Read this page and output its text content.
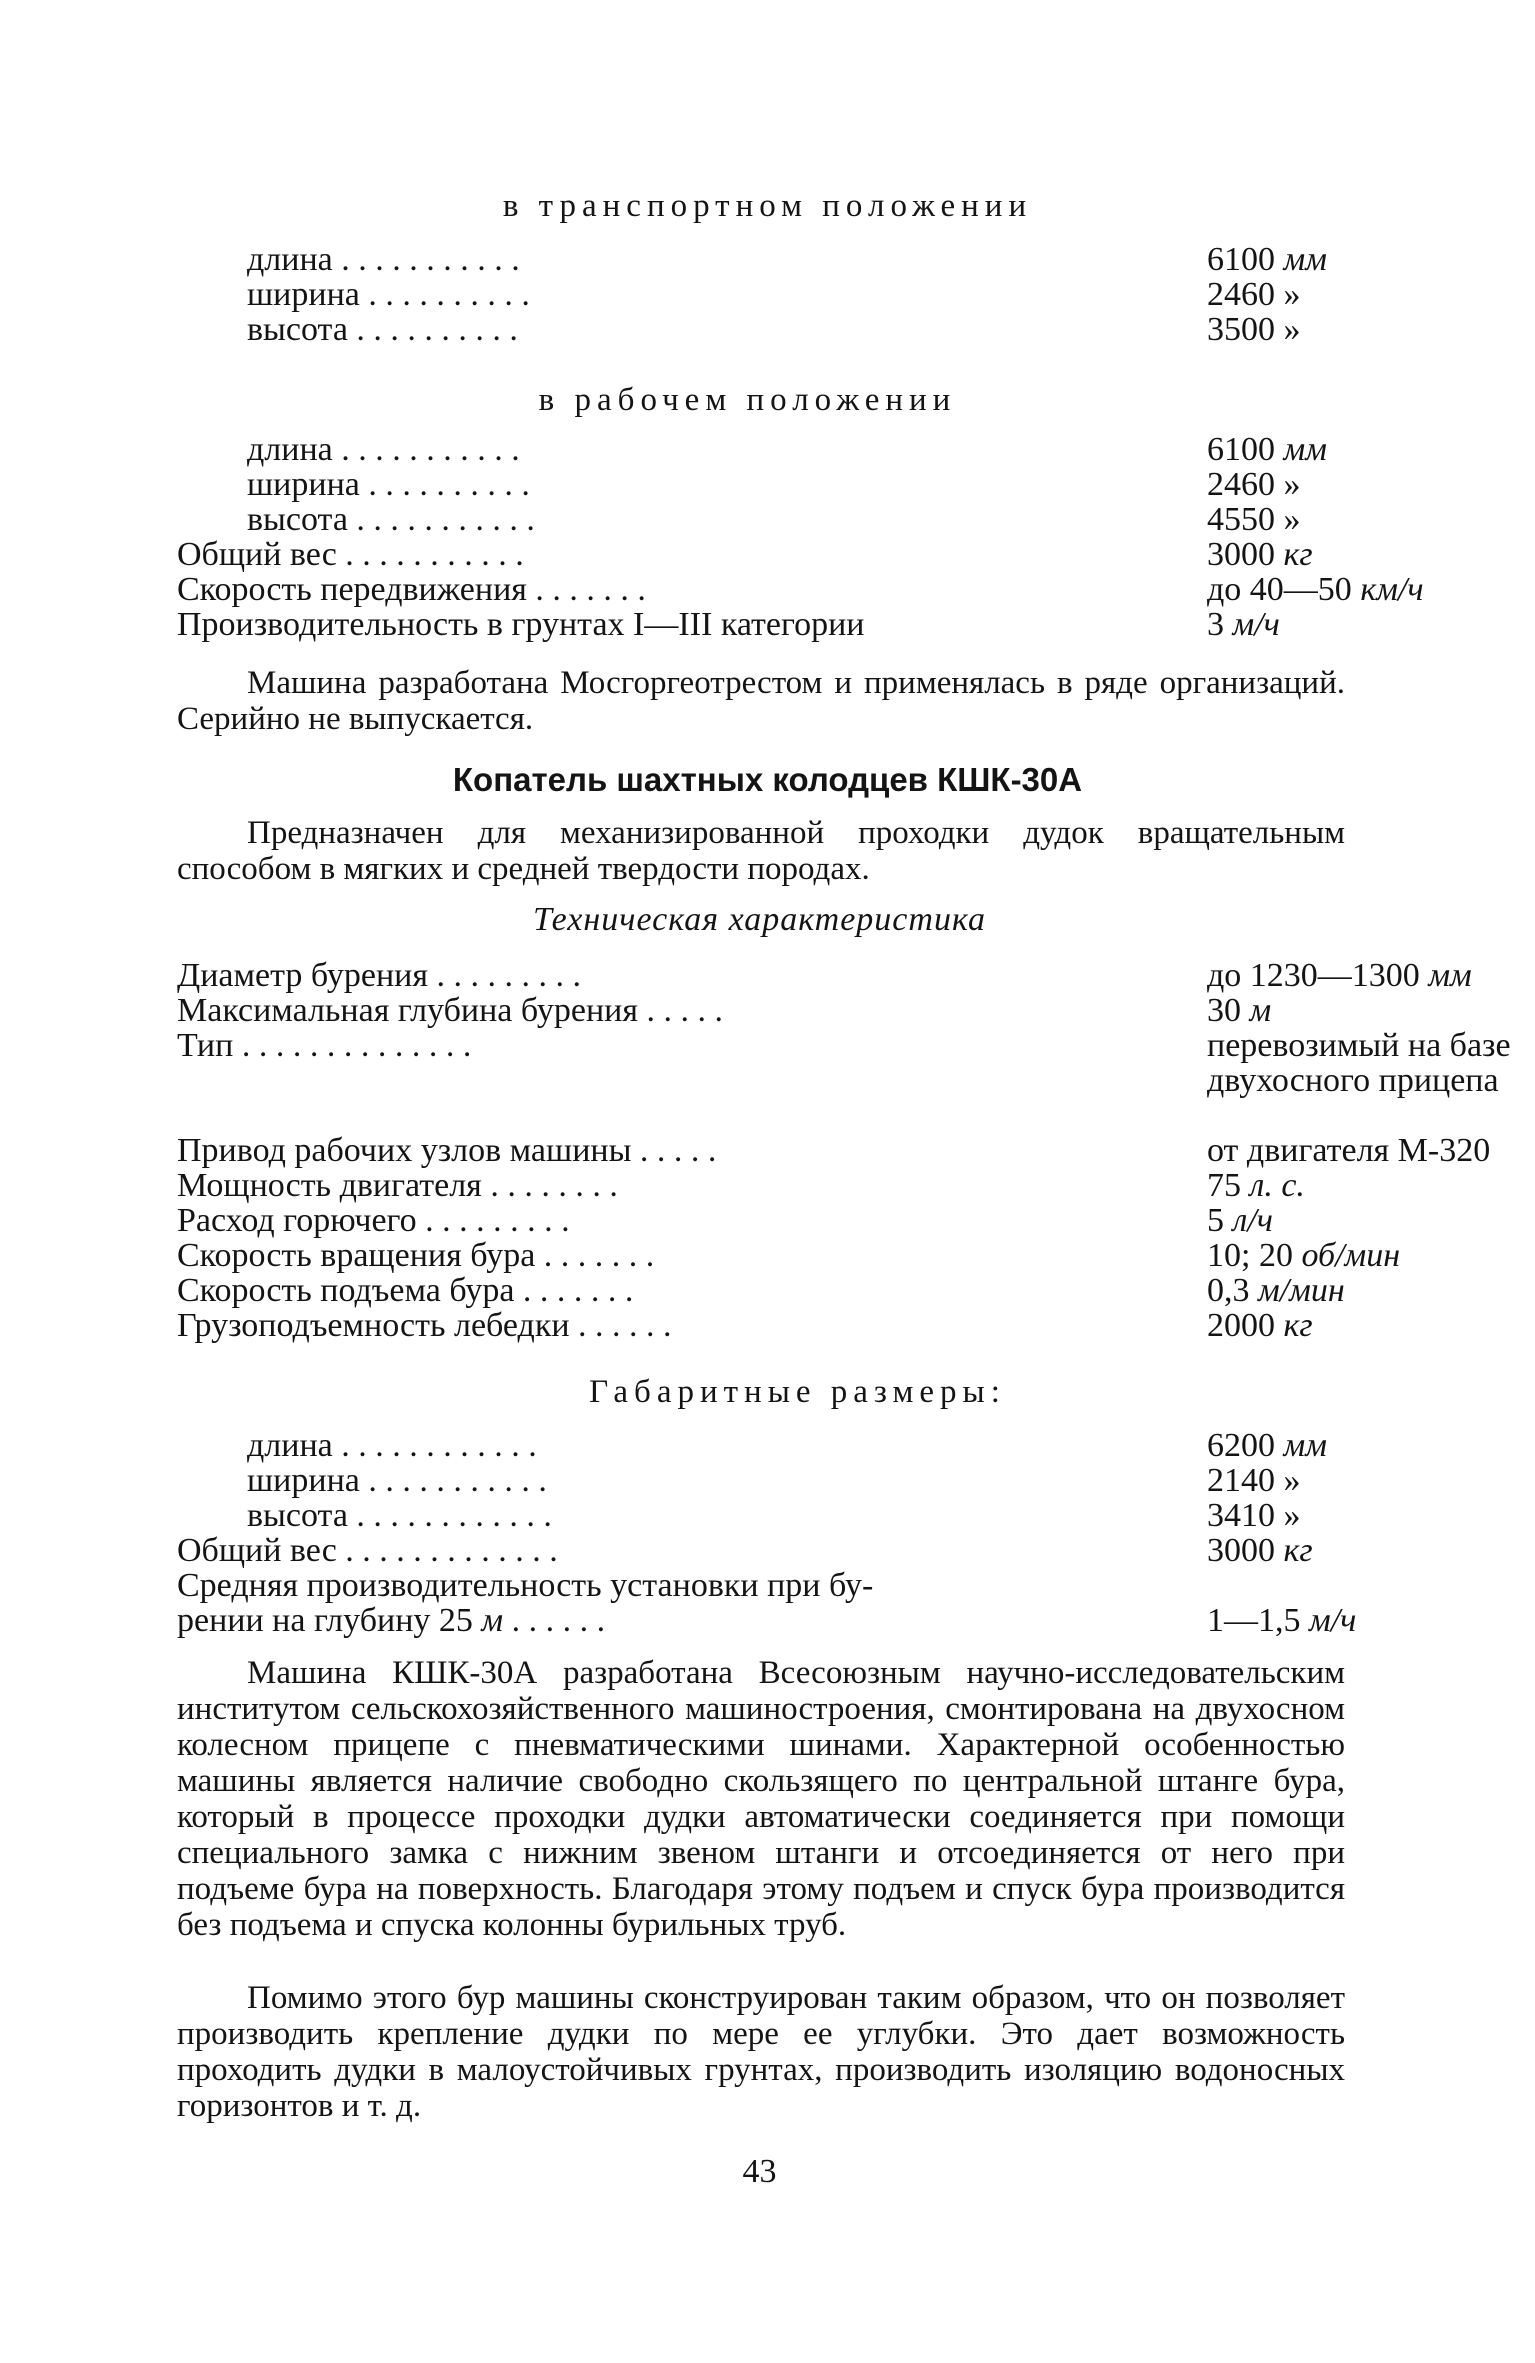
в транспортном положении
длина . . . . . . . . . . .	6100 мм
ширина . . . . . . . . . .	2460 »
высота . . . . . . . . . .	3500 »
в рабочем положении
длина . . . . . . . . . . .	6100 мм
ширина . . . . . . . . . .	2460 »
высота . . . . . . . . . . .	4550 »
Общий вес . . . . . . . . . . .	3000 кг
Скорость передвижения . . . . . . .	до 40—50 км/ч
Производительность в грунтах I—III категории	3 м/ч

Машина разработана Мосгоргеотрестом и применялась в ряде организаций. Серийно не выпускается.

Копатель шахтных колодцев КШК-30А

Предназначен для механизированной проходки дудок вращательным способом в мягких и средней твердости породах.

Техническая характеристика
Диаметр бурения . . . . . . . . .	до 1230—1300 мм
Максимальная глубина бурения . . . . .	30 м
Тип . . . . . . . . . . . . . .	перевозимый на базе двухосного прицепа
Привод рабочих узлов машины . . . . .	от двигателя М-320
Мощность двигателя . . . . . . . .	75 л. с.
Расход горючего . . . . . . . . .	5 л/ч
Скорость вращения бура . . . . . . .	10; 20 об/мин
Скорость подъема бура . . . . . . .	0,3 м/мин
Грузоподъемность лебедки . . . . . .	2000 кг
Габаритные размеры:
длина . . . . . . . . . . . .	6200 мм
ширина . . . . . . . . . . .	2140 »
высота . . . . . . . . . . . .	3410 »
Общий вес . . . . . . . . . . . . .	3000 кг
Средняя производительность установки при бу-
рении на глубину 25 м . . . . . .	1—1,5 м/ч

Машина КШК-30А разработана Всесоюзным научно-исследовательским институтом сельскохозяйственного машиностроения, смонтирована на двухосном колесном прицепе с пневматическими шинами. Характерной особенностью машины является наличие свободно скользящего по центральной штанге бура, который в процессе проходки дудки автоматически соединяется при помощи специального замка с нижним звеном штанги и отсоединяется от него при подъеме бура на поверхность. Благодаря этому подъем и спуск бура производится без подъема и спуска колонны бурильных труб.

Помимо этого бур машины сконструирован таким образом, что он позволяет производить крепление дудки по мере ее углубки. Это дает возможность проходить дудки в малоустойчивых грунтах, производить изоляцию водоносных горизонтов и т. д.

43
